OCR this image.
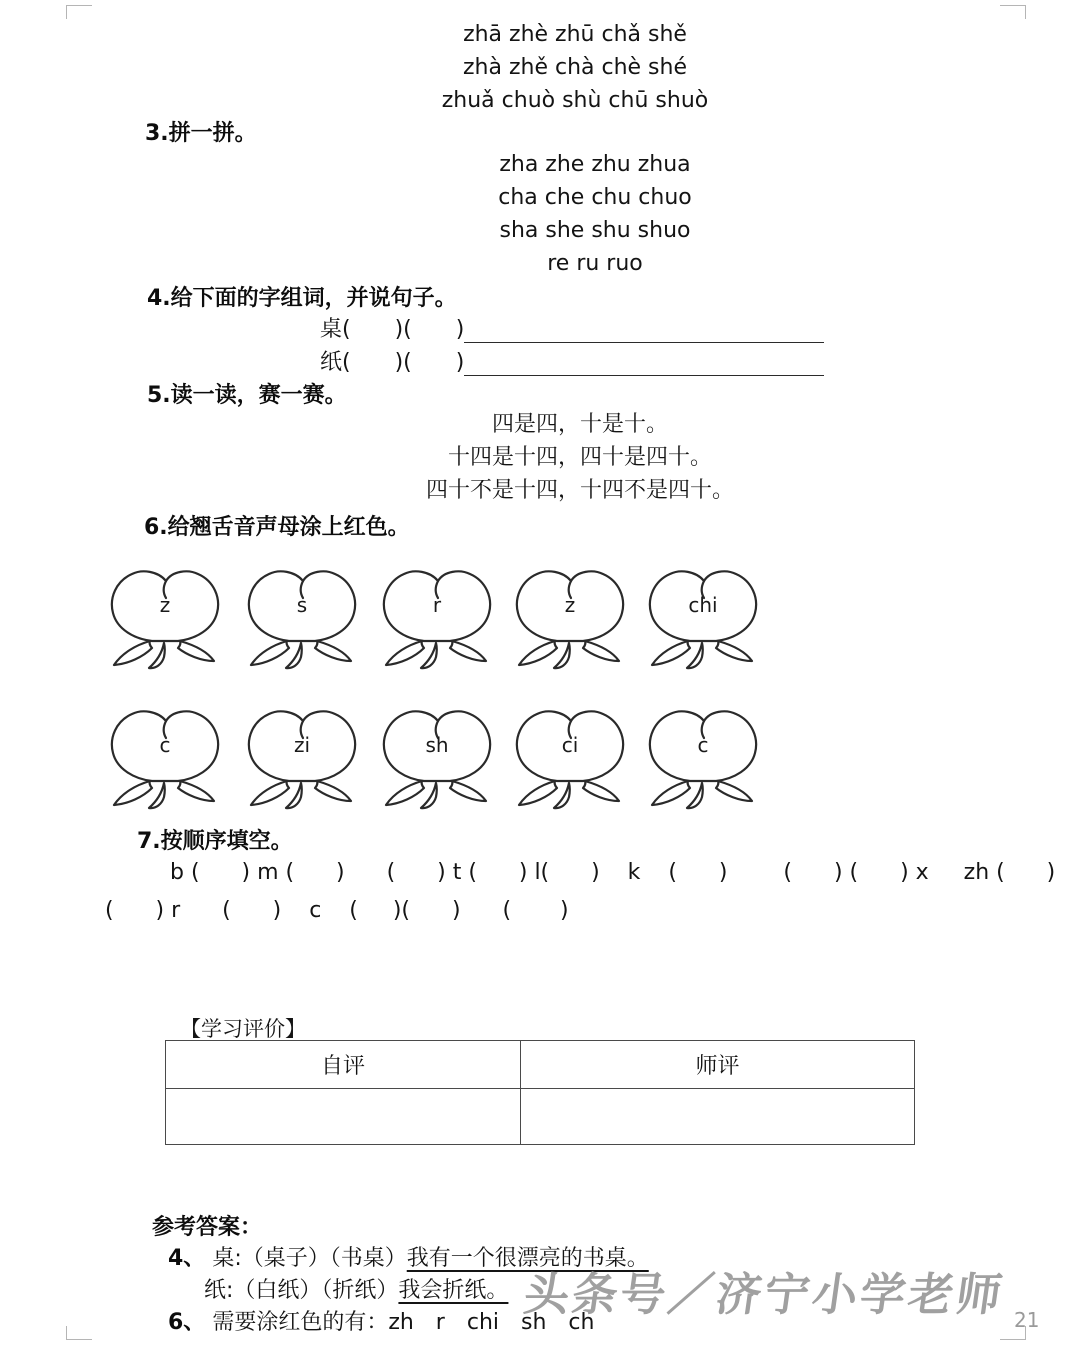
zhā zhè zhū chǎ shě
zhà zhě chà chè shé
zhuǎ chuò shù chū shuò
3.拼一拼。
zha zhe zhu zhua
cha che chu chuo
sha she shu shuo
re ru ruo
4.给下面的字组词，并说句子。
桌(　　)(　　)
纸(　　)(　　)
5.读一读，赛一赛。
四是四，十是十。
十四是十四，四十是四十。
四十不是十四，十四不是四十。
6.给翘舌音声母涂上红色。
z	s	r	z	chi
c	zi	sh	ci	c
7.按顺序填空。
b (      ) m (      )      (      ) t (      ) l(      )    k    (      )        (      ) (      ) x     zh (      )
(      ) r      (      )    c    (     )(      )      (       )
【学习评价】
自评	师评

参考答案：
4、 桌:（桌子）（书桌）我有一个很漂亮的书桌。
纸:（白纸）（折纸）我会折纸。
6、 需要涂红色的有：zh　r　chi　sh　ch
头条号／济宁小学老师 21
